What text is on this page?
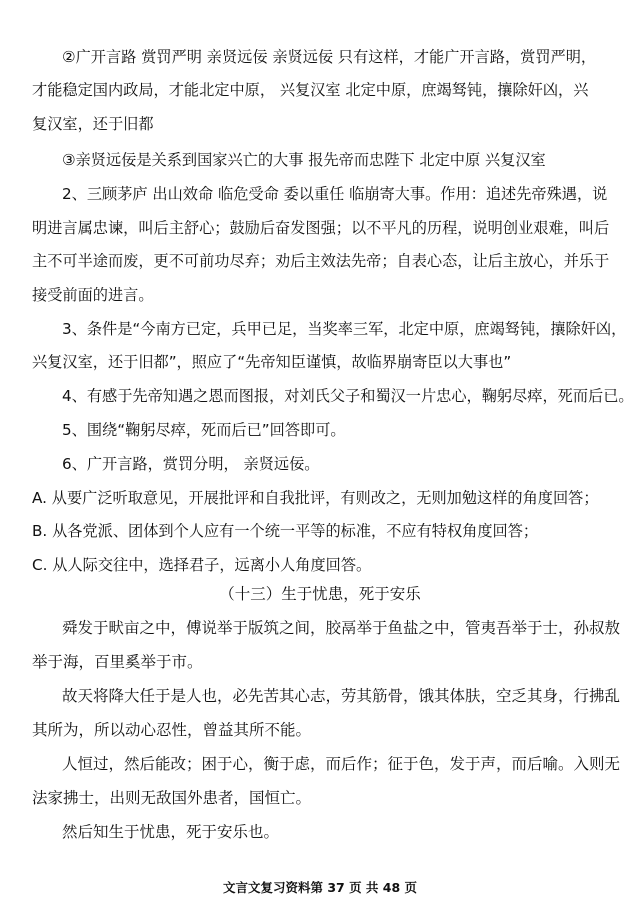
②广开言路 赏罚严明 亲贤远佞 亲贤远佞 只有这样，才能广开言路，赏罚严明，
才能稳定国内政局，才能北定中原， 兴复汉室 北定中原，庶竭驽钝，攘除奸凶，兴
复汉室，还于旧都
③亲贤远佞是关系到国家兴亡的大事 报先帝而忠陛下 北定中原 兴复汉室
2、三顾茅庐 出山效命 临危受命 委以重任 临崩寄大事。作用：追述先帝殊遇，说
明进言属忠谏，叫后主舒心；鼓励后奋发图强；以不平凡的历程，说明创业艰难，叫后
主不可半途而废，更不可前功尽弃；劝后主效法先帝；自表心态，让后主放心，并乐于
接受前面的进言。
3、条件是“今南方已定，兵甲已足，当奖率三军，北定中原，庶竭驽钝，攘除奸凶，
兴复汉室，还于旧都”，照应了“先帝知臣谨慎，故临界崩寄臣以大事也”
4、有感于先帝知遇之恩而图报，对刘氏父子和蜀汉一片忠心，鞠躬尽瘁，死而后已。
5、围绕“鞠躬尽瘁，死而后已”回答即可。
6、广开言路，赏罚分明， 亲贤远佞。
A. 从要广泛听取意见，开展批评和自我批评，有则改之，无则加勉这样的角度回答；
B. 从各党派、团体到个人应有一个统一平等的标准，不应有特权角度回答；
C. 从人际交往中，选择君子，远离小人角度回答。
（十三）生于忧患，死于安乐
舜发于畎亩之中，傅说举于版筑之间，胶鬲举于鱼盐之中，管夷吾举于士，孙叔敖
举于海，百里奚举于市。
故天将降大任于是人也，必先苦其心志，劳其筋骨，饿其体肤，空乏其身，行拂乱
其所为，所以动心忍性，曾益其所不能。
人恒过，然后能改；困于心，衡于虑，而后作；征于色，发于声，而后喻。入则无
法家拂士，出则无敌国外患者，国恒亡。
然后知生于忧患，死于安乐也。
文言文复习资料第 37 页 共 48 页
